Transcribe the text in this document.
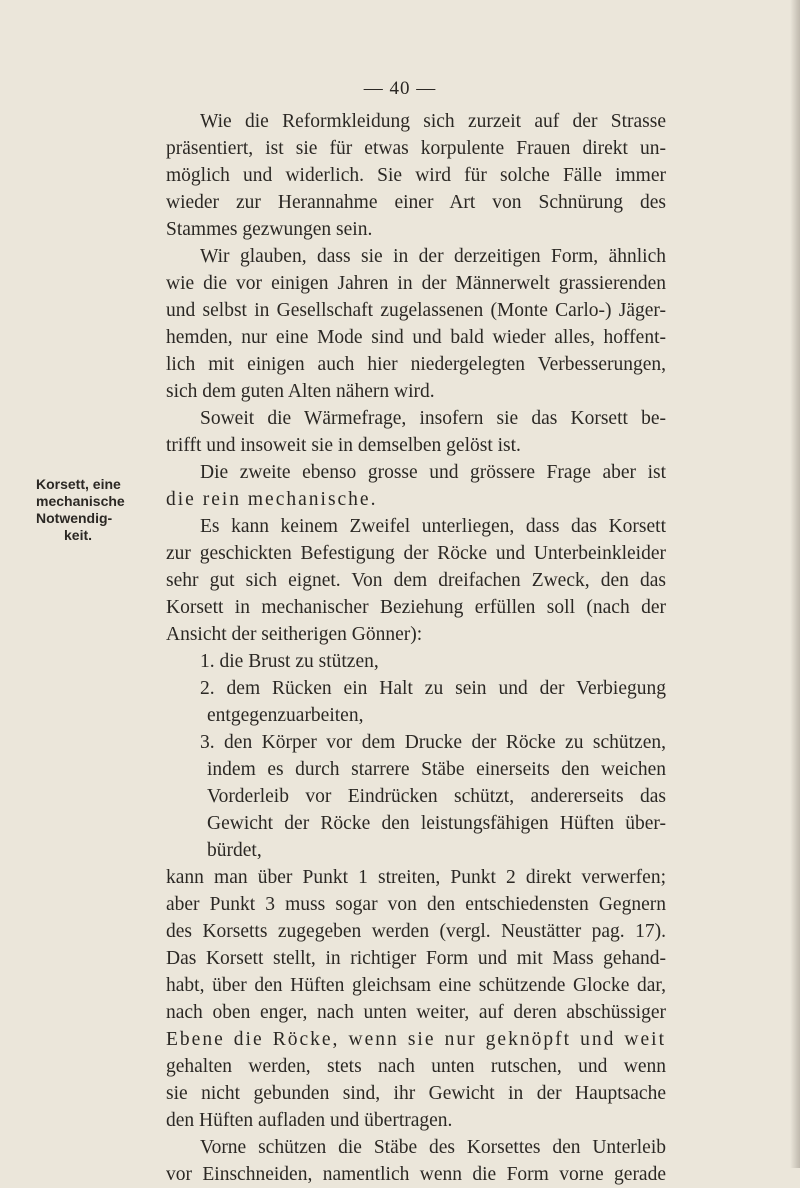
— 40 —
Korsett, eine
mechanische
Notwendig-
keit.
Wie die Reformkleidung sich zurzeit auf der Strasse
präsentiert, ist sie für etwas korpulente Frauen direkt un-
möglich und widerlich. Sie wird für solche Fälle immer
wieder zur Herannahme einer Art von Schnürung des
Stammes gezwungen sein.
Wir glauben, dass sie in der derzeitigen Form, ähnlich
wie die vor einigen Jahren in der Männerwelt grassierenden
und selbst in Gesellschaft zugelassenen (Monte Carlo-) Jäger-
hemden, nur eine Mode sind und bald wieder alles, hoffent-
lich mit einigen auch hier niedergelegten Verbesserungen,
sich dem guten Alten nähern wird.
Soweit die Wärmefrage, insofern sie das Korsett be-
trifft und insoweit sie in demselben gelöst ist.
Die zweite ebenso grosse und grössere Frage aber ist
die rein mechanische.
Es kann keinem Zweifel unterliegen, dass das Korsett
zur geschickten Befestigung der Röcke und Unterbeinkleider
sehr gut sich eignet. Von dem dreifachen Zweck, den das
Korsett in mechanischer Beziehung erfüllen soll (nach der
Ansicht der seitherigen Gönner):
1. die Brust zu stützen,
2. dem Rücken ein Halt zu sein und der Verbiegung
entgegenzuarbeiten,
3. den Körper vor dem Drucke der Röcke zu schützen,
indem es durch starrere Stäbe einerseits den weichen
Vorderleib vor Eindrücken schützt, andererseits das
Gewicht der Röcke den leistungsfähigen Hüften über-
bürdet,
kann man über Punkt 1 streiten, Punkt 2 direkt verwerfen;
aber Punkt 3 muss sogar von den entschiedensten Gegnern
des Korsetts zugegeben werden (vergl. Neustätter pag. 17).
Das Korsett stellt, in richtiger Form und mit Mass gehand-
habt, über den Hüften gleichsam eine schützende Glocke dar,
nach oben enger, nach unten weiter, auf deren abschüssiger
Ebene die Röcke, wenn sie nur geknöpft und weit
gehalten werden, stets nach unten rutschen, und wenn
sie nicht gebunden sind, ihr Gewicht in der Hauptsache
den Hüften aufladen und übertragen.
Vorne schützen die Stäbe des Korsettes den Unterleib
vor Einschneiden, namentlich wenn die Form vorne gerade
